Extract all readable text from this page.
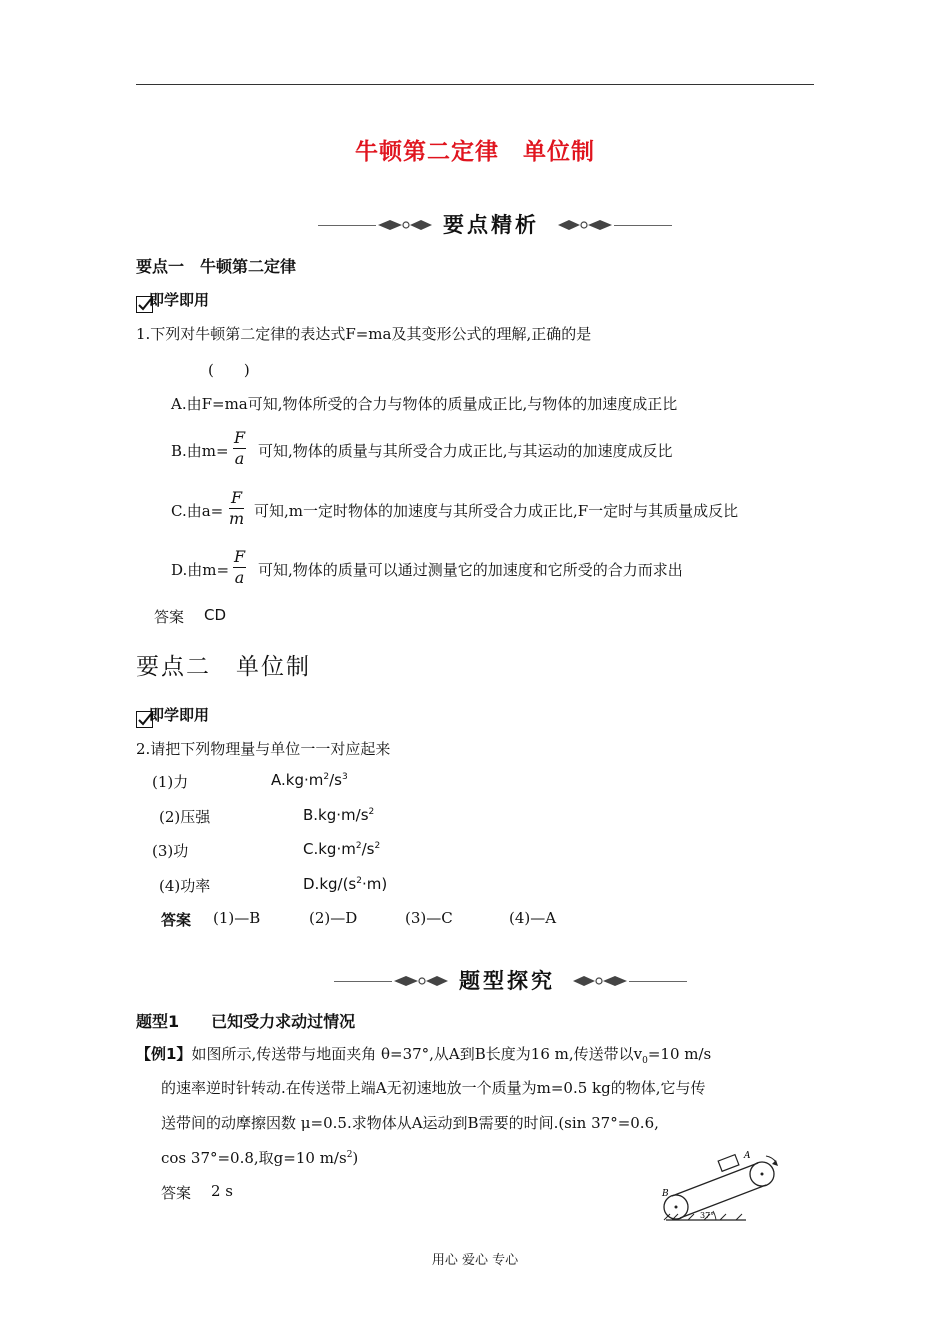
牛顿第二定律　单位制
要点精析
要点一　牛顿第二定律
即学即用
1.下列对牛顿第二定律的表达式F=ma及其变形公式的理解,正确的是
(　　)
A.由F=ma可知,物体所受的合力与物体的质量成正比,与物体的加速度成正比
B.由$m= \frac{F}{a}$ 可知,物体的质量与其所受合力成正比,与其运动的加速度成反比
C.由$a= \frac{F}{m}$ 可知,m一定时物体的加速度与其所受合力成正比,F一定时与其质量成反比
D.由$m= \frac{F}{a}$ 可知,物体的质量可以通过测量它的加速度和它所受的合力而求出
答案 CD
要点二　单位制
即学即用
2.请把下列物理量与单位一一对应起来
(1)力	$A.kg\cdot m^2/s^3$
(2)压强	$B.kg\cdot m/s^2$
(3)功	$C.kg\cdot m^2/s^2$
(4)功率	$D.kg/(s^2\cdot m)$
答案 (1)—B	(2)—D	(3)—C	(4)—A
题型探究
题型1　　已知受力求动过情况
【例1】如图所示,传送带与地面夹角 θ=37°,从A到B长度为16 m,传送带以$v_0=10$ m/s
的速率逆时针转动.在传送带上端A无初速地放一个质量为m=0.5 kg的物体,它与传
送带间的动摩擦因数 μ=0.5.求物体从A运动到B需要的时间.(sin 37°=0.6,
cos 37°=0.8,取g=10 $m/s^2$)
答案 2 s
A
B
37°
用心 爱心 专心
